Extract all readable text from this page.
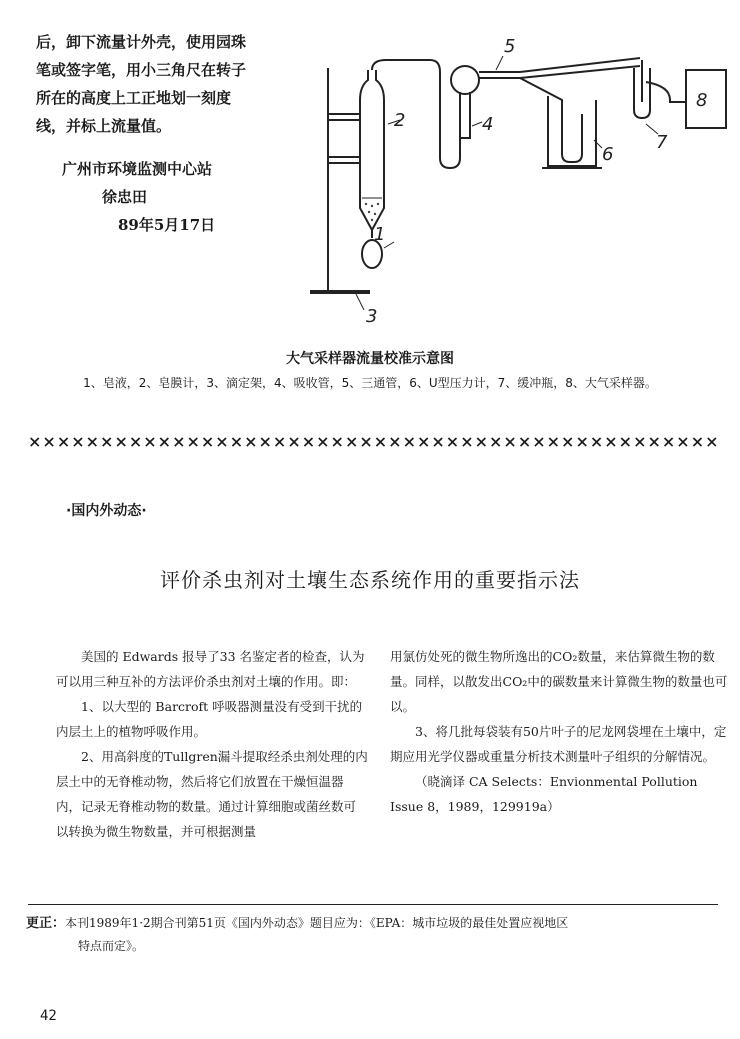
后，卸下流量计外壳，使用园珠笔或签字笔，用小三角尺在转子所在的高度上工正地划一刻度线，并标上流量值。

广州市环境监测中心站
徐忠田
89年5月17日	1
2
3
4
5
6
7
8
大气采样器流量校准示意图
1、皂液，2、皂膜计，3、滴定架，4、吸收管，5、三通管，6、U型压力计，7、缓冲瓶，8、大气采样器。
××××××××××××××××××××××××××××××××××××××××××××××××
·国内外动态·
评价杀虫剂对土壤生态系统作用的重要指示法

美国的 Edwards 报导了33 名鉴定者的检查，认为可以用三种互补的方法评价杀虫剂对土壤的作用。即：

1、以大型的 Barcroft 呼吸器测量没有受到干扰的内层土上的植物呼吸作用。

2、用高斜度的Tullgren漏斗提取经杀虫剂处理的内层土中的无脊椎动物，然后将它们放置在干燥恒温器内，记录无脊椎动物的数量。通过计算细胞或菌丝数可以转换为微生物数量，并可根据测量

用氯仿处死的微生物所逸出的CO₂数量，来估算微生物的数量。同样，以散发出CO₂中的碳数量来计算微生物的数量也可以。

3、将几批每袋装有50片叶子的尼龙网袋埋在土壤中，定期应用光学仪器或重量分析技术测量叶子组织的分解情况。

（晓滴译 CA Selects：Envionmental Pollution Issue 8，1989，129919a）

更正：本刊1989年1·2期合刊第51页《国内外动态》题目应为：《EPA：城市垃圾的最佳处置应视地区
特点而定》。
42
